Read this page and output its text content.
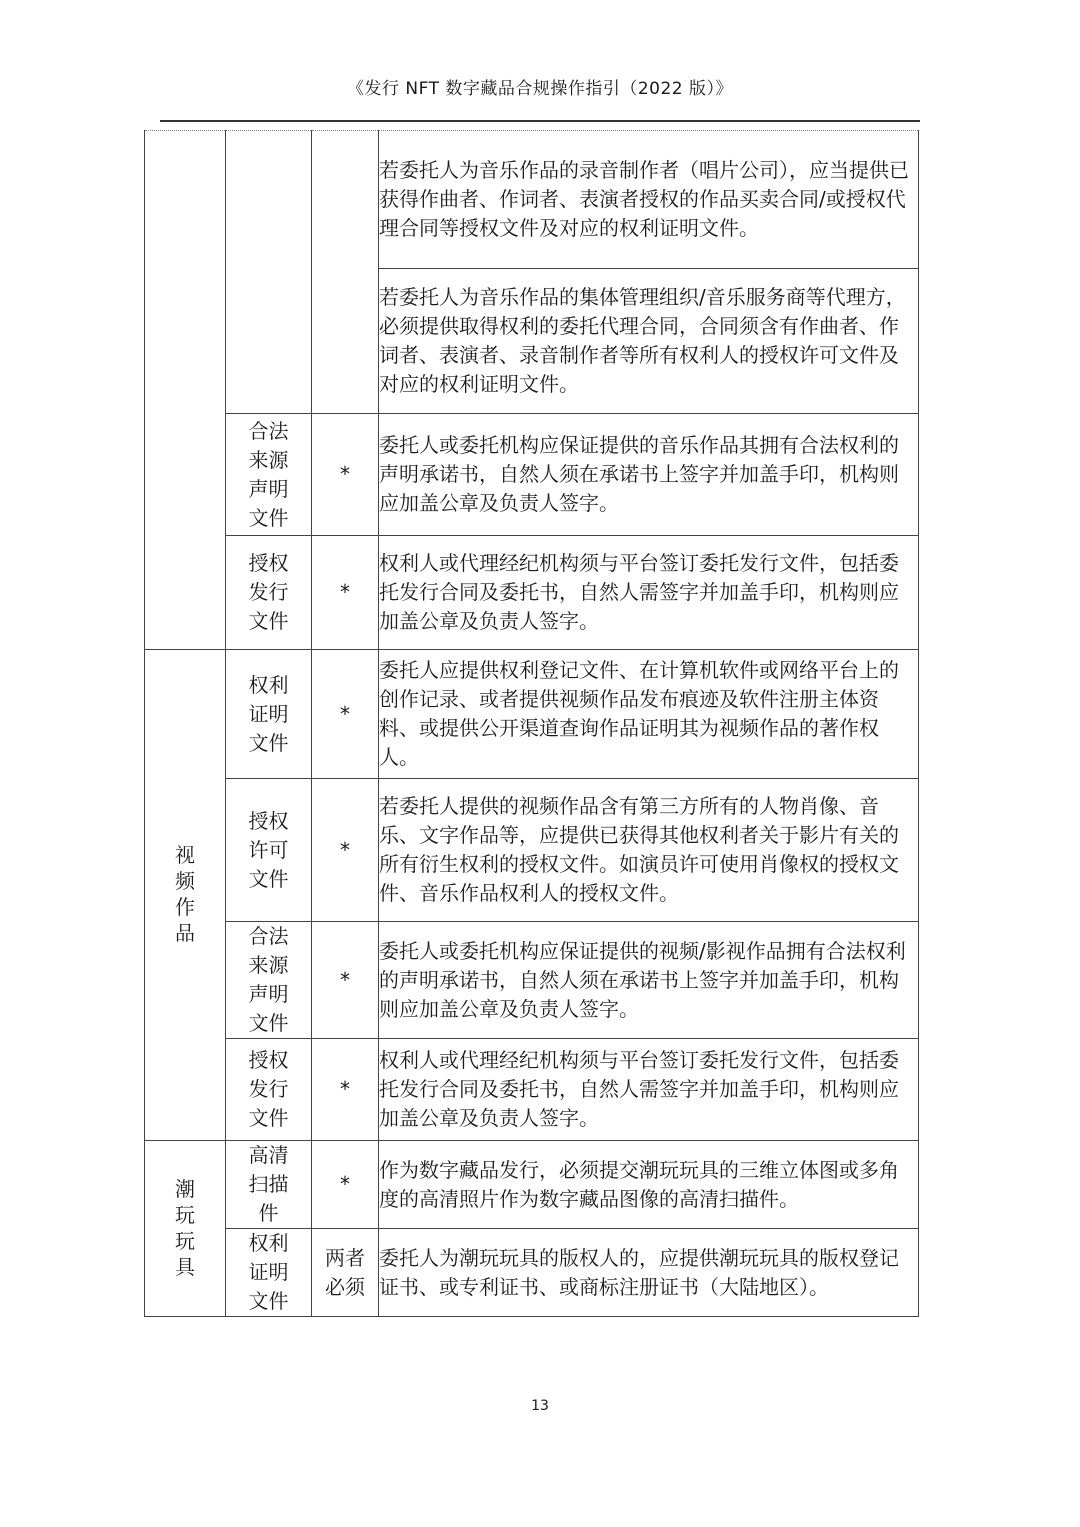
《发行 NFT 数字藏品合规操作指引（2022 版）》
			若委托人为音乐作品的录音制作者（唱片公司），应当提供已获得作曲者、作词者、表演者授权的作品买卖合同/或授权代理合同等授权文件及对应的权利证明文件。
			若委托人为音乐作品的集体管理组织/音乐服务商等代理方，必须提供取得权利的委托代理合同，合同须含有作曲者、作词者、表演者、录音制作者等所有权利人的授权许可文件及对应的权利证明文件。
	合法来源声明文件	*	委托人或委托机构应保证提供的音乐作品其拥有合法权利的声明承诺书，自然人须在承诺书上签字并加盖手印，机构则应加盖公章及负责人签字。
	授权发行文件	*	权利人或代理经纪机构须与平台签订委托发行文件，包括委托发行合同及委托书，自然人需签字并加盖手印，机构则应加盖公章及负责人签字。
视频作品	权利证明文件	*	委托人应提供权利登记文件、在计算机软件或网络平台上的创作记录、或者提供视频作品发布痕迹及软件注册主体资料、或提供公开渠道查询作品证明其为视频作品的著作权人。
	授权许可文件	*	若委托人提供的视频作品含有第三方所有的人物肖像、音乐、文字作品等，应提供已获得其他权利者关于影片有关的所有衍生权利的授权文件。如演员许可使用肖像权的授权文件、音乐作品权利人的授权文件。
	合法来源声明文件	*	委托人或委托机构应保证提供的视频/影视作品拥有合法权利的声明承诺书，自然人须在承诺书上签字并加盖手印，机构则应加盖公章及负责人签字。
	授权发行文件	*	权利人或代理经纪机构须与平台签订委托发行文件，包括委托发行合同及委托书，自然人需签字并加盖手印，机构则应加盖公章及负责人签字。
潮玩玩具	高清扫描件	*	作为数字藏品发行，必须提交潮玩玩具的三维立体图或多角度的高清照片作为数字藏品图像的高清扫描件。
	权利证明文件	两者必须	委托人为潮玩玩具的版权人的，应提供潮玩玩具的版权登记证书、或专利证书、或商标注册证书（大陆地区）。
13
